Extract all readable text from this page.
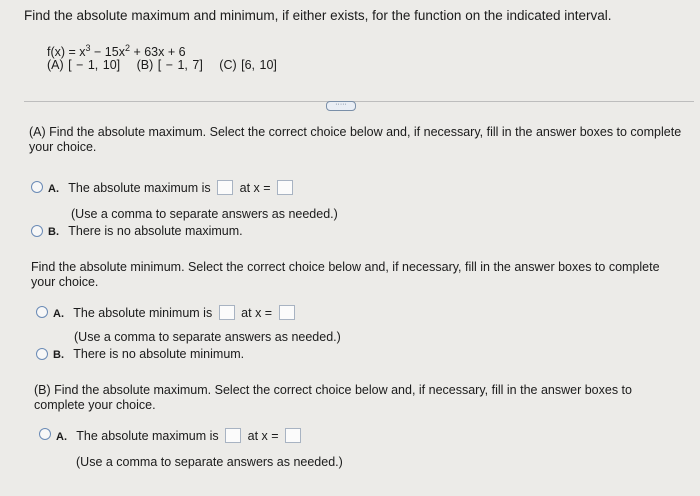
Find the absolute maximum and minimum, if either exists, for the function on the indicated interval.
$f(x) = x^3 - 15x^2 + 63x + 6$
(A) [ − 1, 10] (B) [ − 1, 7] (C) [6, 10]
·····
(A) Find the absolute maximum. Select the correct choice below and, if necessary, fill in the answer boxes to complete your choice.
A. The absolute maximum is at x =
(Use a comma to separate answers as needed.)
B. There is no absolute maximum.
Find the absolute minimum. Select the correct choice below and, if necessary, fill in the answer boxes to complete your choice.
A. The absolute minimum is at x =
(Use a comma to separate answers as needed.)
B. There is no absolute minimum.
(B) Find the absolute maximum. Select the correct choice below and, if necessary, fill in the answer boxes to complete your choice.
A. The absolute maximum is at x =
(Use a comma to separate answers as needed.)
